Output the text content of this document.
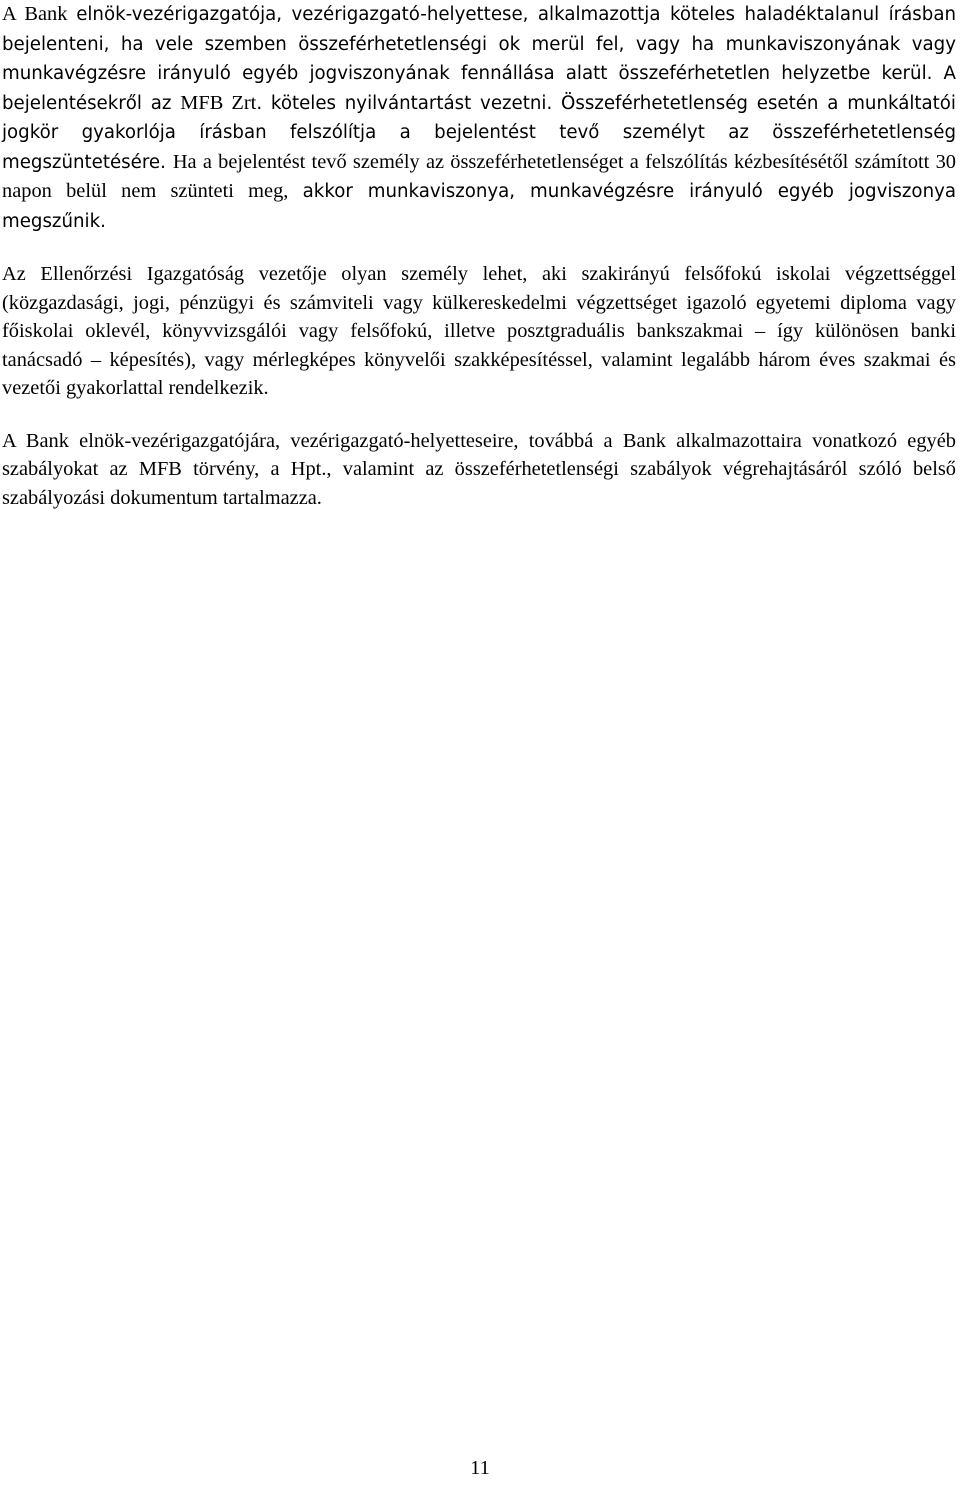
A Bank elnök-vezérigazgatója, vezérigazgató-helyettese, alkalmazottja köteles haladéktalanul írásban bejelenteni, ha vele szemben összeférhetetlenségi ok merül fel, vagy ha munkaviszonyának vagy munkavégzésre irányuló egyéb jogviszonyának fennállása alatt összeférhetetlen helyzetbe kerül. A bejelentésekről az MFB Zrt. köteles nyilvántartást vezetni. Összeférhetetlenség esetén a munkáltatói jogkör gyakorlója írásban felszólítja a bejelentést tevő személyt az összeférhetetlenség megszüntetésére. Ha a bejelentést tevő személy az összeférhetetlenséget a felszólítás kézbesítésétől számított 30 napon belül nem szünteti meg, akkor munkaviszonya, munkavégzésre irányuló egyéb jogviszonya megszűnik.

Az Ellenőrzési Igazgatóság vezetője olyan személy lehet, aki szakirányú felsőfokú iskolai végzettséggel (közgazdasági, jogi, pénzügyi és számviteli vagy külkereskedelmi végzettséget igazoló egyetemi diploma vagy főiskolai oklevél, könyvvizsgálói vagy felsőfokú, illetve posztgraduális bankszakmai – így különösen banki tanácsadó – képesítés), vagy mérlegképes könyvelői szakképesítéssel, valamint legalább három éves szakmai és vezetői gyakorlattal rendelkezik.

A Bank elnök-vezérigazgatójára, vezérigazgató-helyetteseire, továbbá a Bank alkalmazottaira vonatkozó egyéb szabályokat az MFB törvény, a Hpt., valamint az összeférhetetlenségi szabályok végrehajtásáról szóló belső szabályozási dokumentum tartalmazza.

11
